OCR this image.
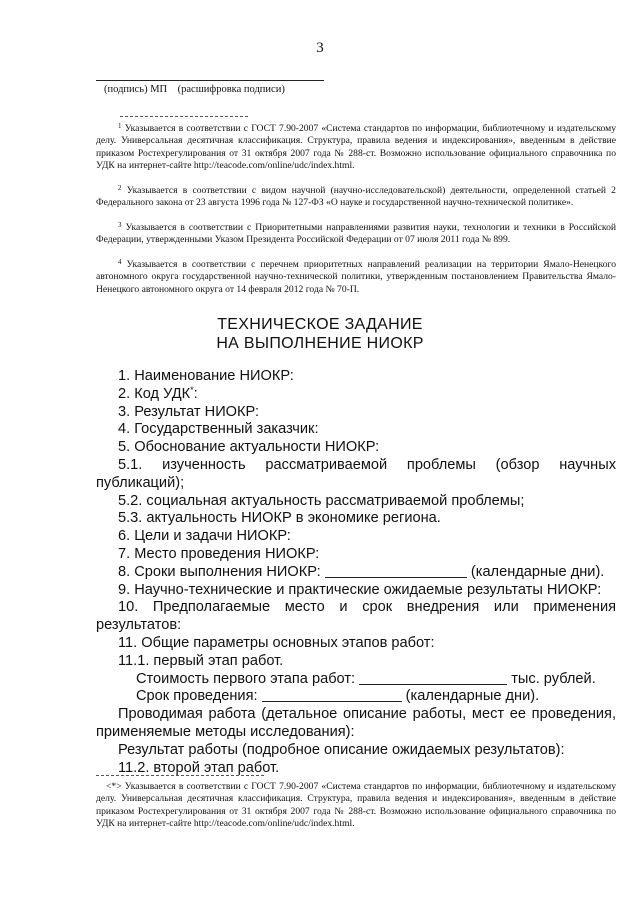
3
(подпись) МП    (расшифровка подписи)

$^1$ Указывается в соответствии с ГОСТ 7.90-2007 «Система стандартов по информации, библиотечному и издательскому делу. Универсальная десятичная классификация. Структура, правила ведения и индексирования», введенным в действие приказом Ростехрегулирования от 31 октября 2007 года № 288-ст. Возможно использование официального справочника по УДК на интернет-сайте http://teacode.com/online/udc/index.html.

$^2$ Указывается в соответствии с видом научной (научно-исследовательской) деятельности, определенной статьей 2 Федерального закона от 23 августа 1996 года № 127-ФЗ «О науке и государственной научно-технической политике».

$^3$ Указывается в соответствии с Приоритетными направлениями развития науки, технологии и техники в Российской Федерации, утвержденными Указом Президента Российской Федерации от 07 июля 2011 года № 899.

$^4$ Указывается в соответствии с перечнем приоритетных направлений реализации на территории Ямало-Ненецкого автономного округа государственной научно-технической политики, утвержденным постановлением Правительства Ямало-Ненецкого автономного округа от 14 февраля 2012 года № 70-П.

ТЕХНИЧЕСКОЕ ЗАДАНИЕ
НА ВЫПОЛНЕНИЕ НИОКР

1. Наименование НИОКР:

2. Код УДК*:

3. Результат НИОКР:

4. Государственный заказчик:

5. Обоснование актуальности НИОКР:

5.1. изученность рассматриваемой проблемы (обзор научных

публикаций);

5.2. социальная актуальность рассматриваемой проблемы;

5.3. актуальность НИОКР в экономике региона.

6. Цели и задачи НИОКР:

7. Место проведения НИОКР:

8. Сроки выполнения НИОКР:	(календарные дни).

9. Научно-технические и практические ожидаемые результаты НИОКР:

10. Предполагаемые место и срок внедрения или применения

результатов:

11. Общие параметры основных этапов работ:

11.1. первый этап работ.

Стоимость первого этапа работ:	тыс. рублей.

Срок проведения:	(календарные дни).

Проводимая работа (детальное описание работы, мест ее проведения,

применяемые методы исследования):

Результат работы (подробное описание ожидаемых результатов):

11.2. второй этап работ.

<*> Указывается в соответствии с ГОСТ 7.90-2007 «Система стандартов по информации, библиотечному и издательскому делу. Универсальная десятичная классификация. Структура, правила ведения и индексирования», введенным в действие приказом Ростехрегулирования от 31 октября 2007 года № 288-ст. Возможно использование официального справочника по УДК на интернет-сайте http://teacode.com/online/udc/index.html.
